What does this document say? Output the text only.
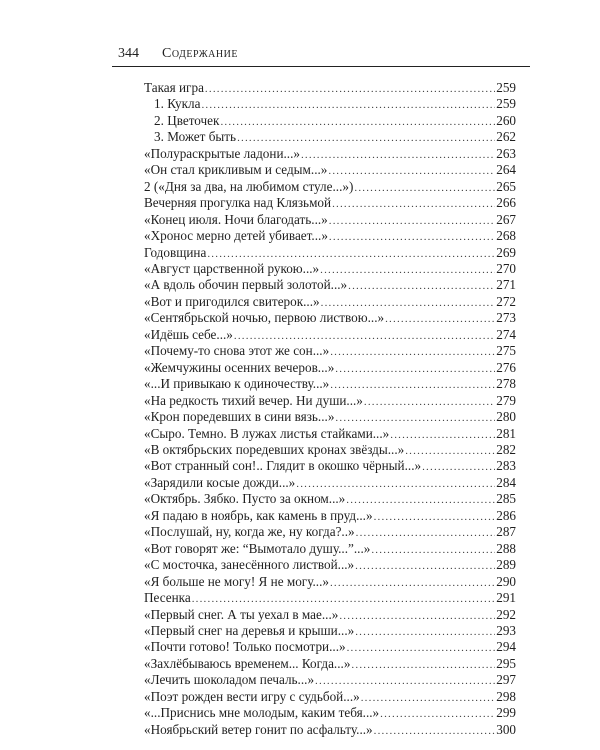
344 Содержание
Такая игра .....	259
1. Кукла .....	259
2. Цветочек .....	260
3. Может быть .....	262
«Полураскрытые ладони...» .....	263
«Он стал крикливым и седым...» .....	264
2 («Дня за два, на любимом стуле...») .....	265
Вечерняя прогулка над Клязьмой .....	266
«Конец июля. Ночи благодать...» .....	267
«Хронос мерно детей убивает...» .....	268
Годовщина .....	269
«Август царственной рукою...» .....	270
«А вдоль обочин первый золотой...» .....	271
«Вот и пригодился свитерок...» .....	272
«Сентябрьской ночью, первою листвою...» .....	273
«Идёшь себе...» .....	274
«Почему-то снова этот же сон...» .....	275
«Жемчужины осенних вечеров...» .....	276
«...И привыкаю к одиночеству...» .....	278
«На редкость тихий вечер. Ни души...» .....	279
«Крон поредевших в сини вязь...» .....	280
«Сыро. Темно. В лужах листья стайками...» .....	281
«В октябрьских поредевших кронах звёзды...» .....	282
«Вот странный сон!.. Глядит в окошко чёрный...» .....	283
«Зарядили косые дожди...» .....	284
«Октябрь. Зябко. Пусто за окном...» .....	285
«Я падаю в ноябрь, как камень в пруд...» .....	286
«Послушай, ну, когда же, ну когда?..» .....	287
«Вот говорят же: “Вымотало душу...”...» .....	288
«С мосточка, занесённого листвой...» .....	289
«Я больше не могу! Я не могу...» .....	290
Песенка .....	291
«Первый снег. А ты уехал в мае...» .....	292
«Первый снег на деревья и крыши...» .....	293
«Почти готово! Только посмотри...» .....	294
«Захлёбываюсь временем... Когда...» .....	295
«Лечить шоколадом печаль...» .....	297
«Поэт рожден вести игру с судьбой...» .....	298
«...Приснись мне молодым, каким тебя...» .....	299
«Ноябрьский ветер гонит по асфальту...» .....	300
